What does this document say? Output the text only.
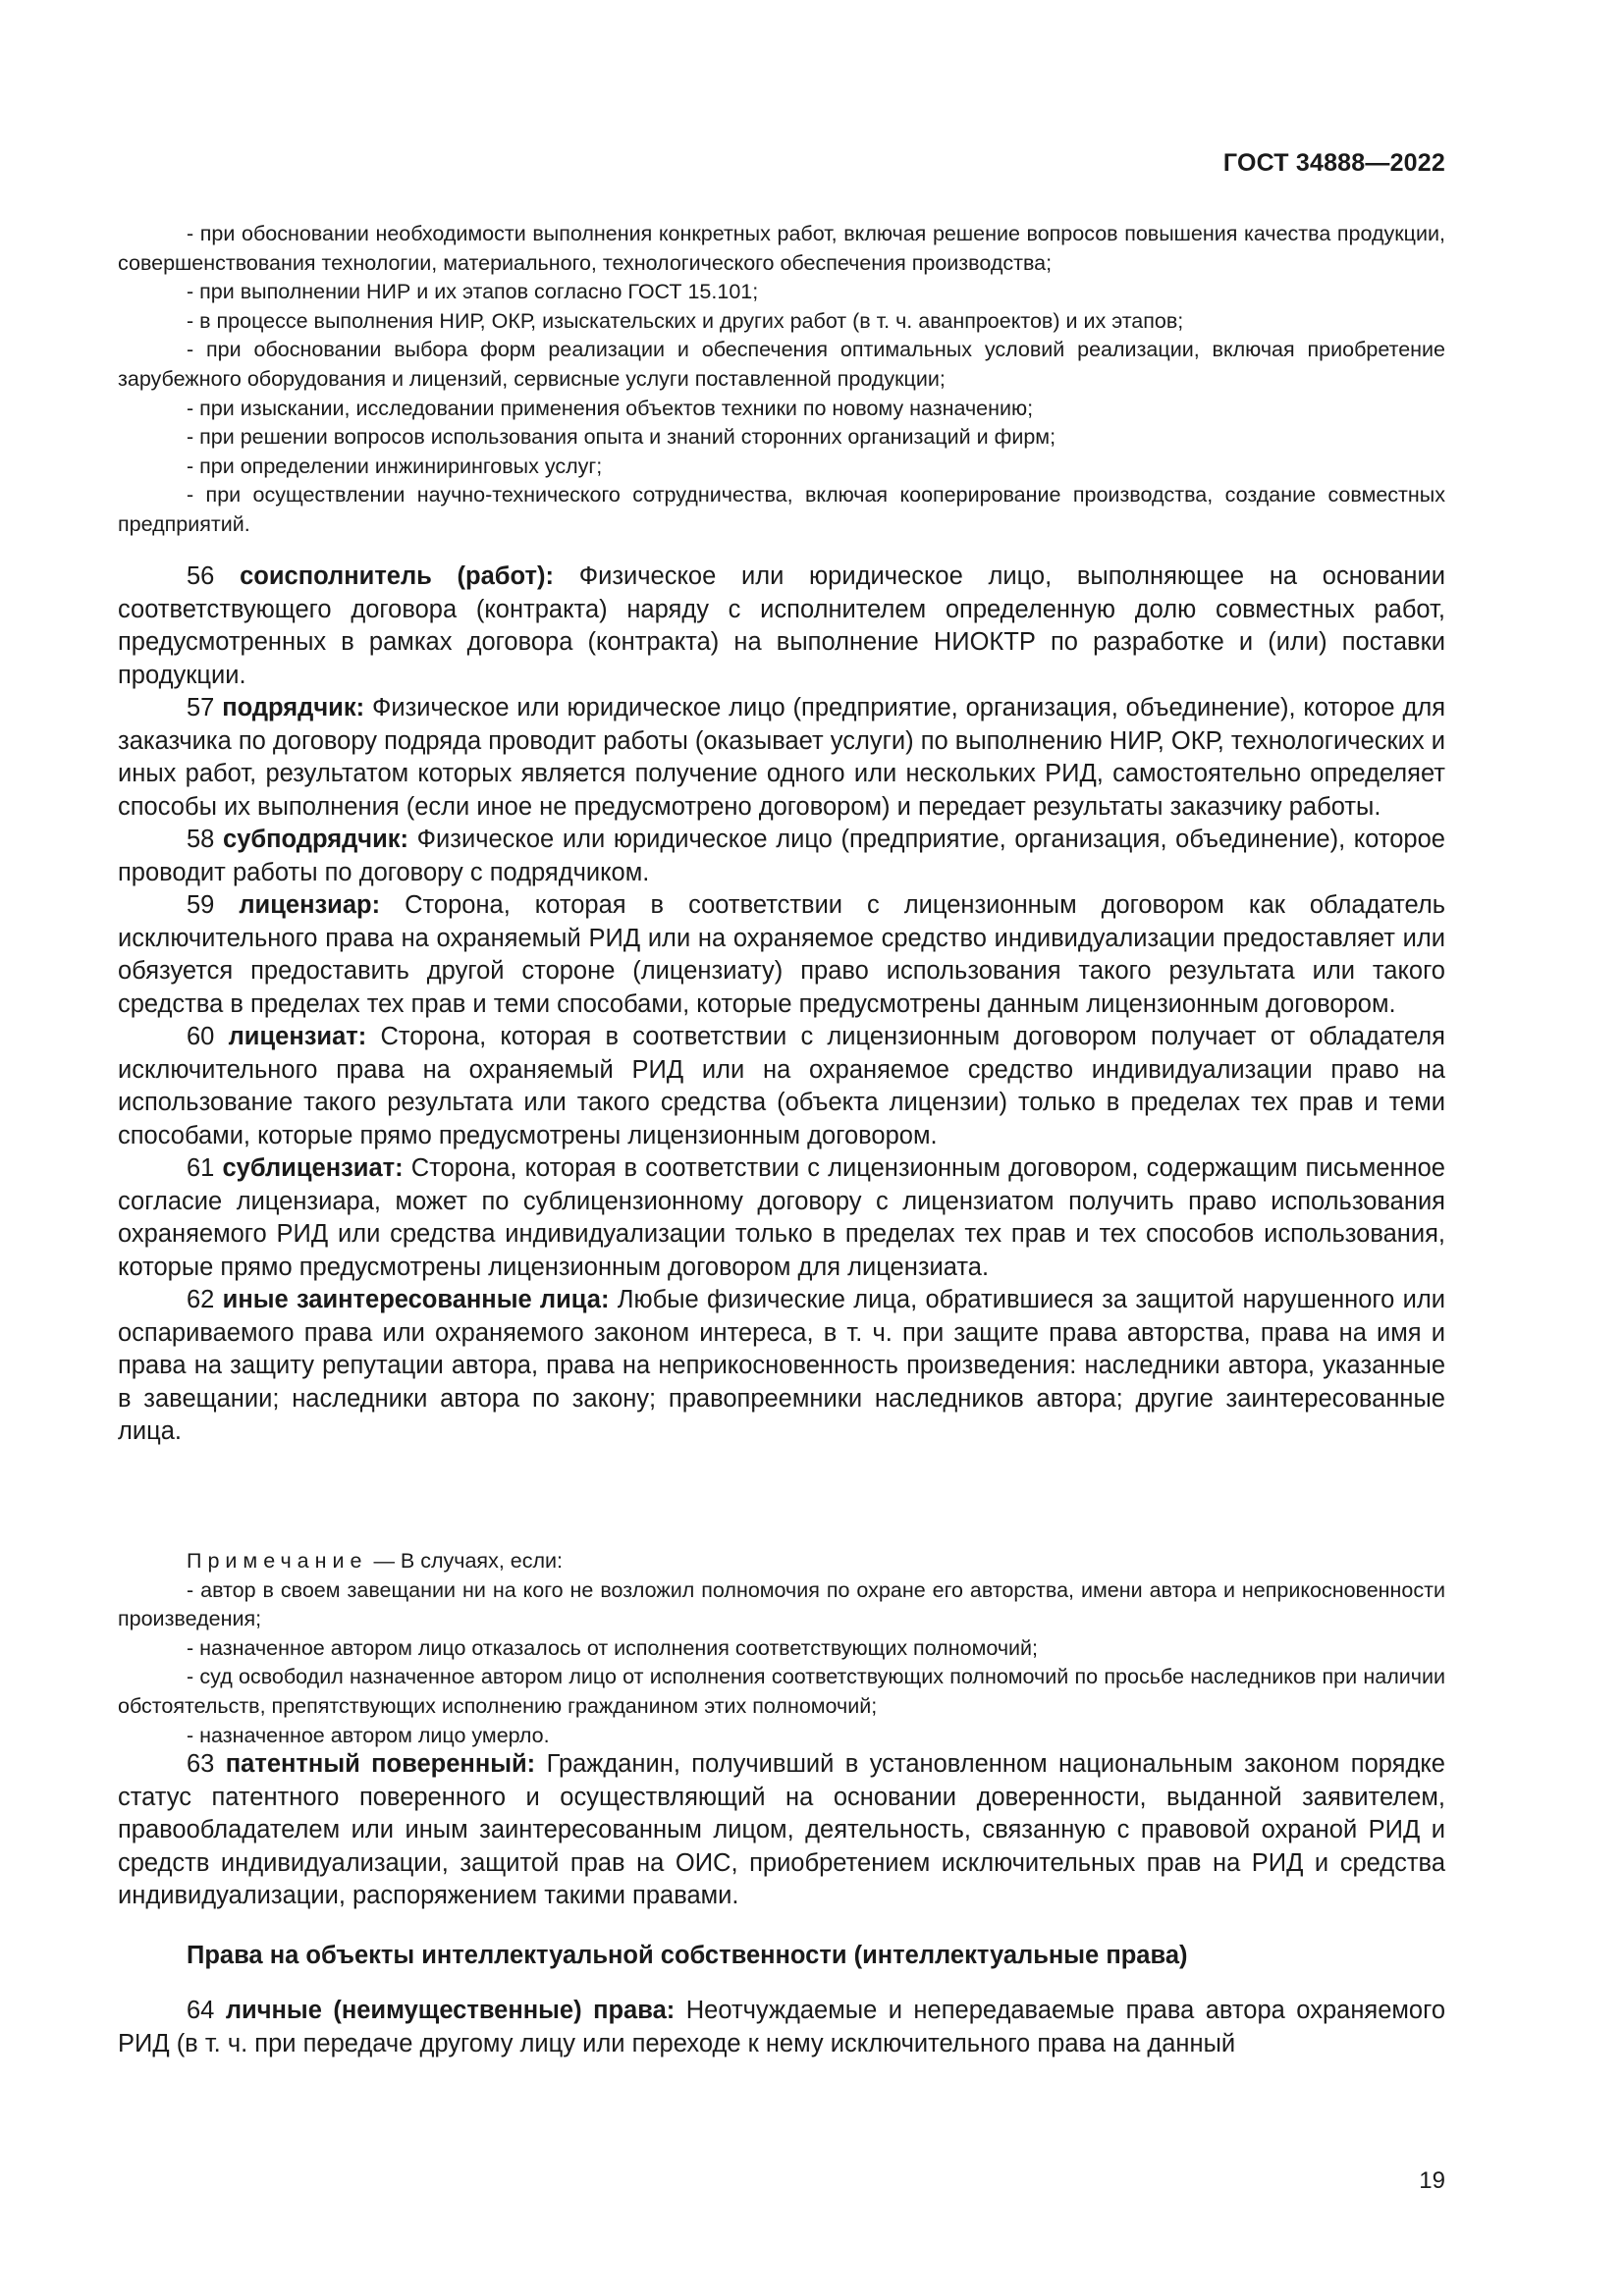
ГОСТ 34888—2022

- при обосновании необходимости выполнения конкретных работ, включая решение вопросов повышения качества продукции, совершенствования технологии, материального, технологического обеспечения производства;

- при выполнении НИР и их этапов согласно ГОСТ 15.101;

- в процессе выполнения НИР, ОКР, изыскательских и других работ (в т. ч. аванпроектов) и их этапов;

- при обосновании выбора форм реализации и обеспечения оптимальных условий реализации, включая приобретение зарубежного оборудования и лицензий, сервисные услуги поставленной продукции;

- при изыскании, исследовании применения объектов техники по новому назначению;

- при решении вопросов использования опыта и знаний сторонних организаций и фирм;

- при определении инжиниринговых услуг;

- при осуществлении научно-технического сотрудничества, включая кооперирование производства, создание совместных предприятий.

56 соисполнитель (работ): Физическое или юридическое лицо, выполняющее на основании соответствующего договора (контракта) наряду с исполнителем определенную долю совместных работ, предусмотренных в рамках договора (контракта) на выполнение НИОКТР по разработке и (или) поставки продукции.

57 подрядчик: Физическое или юридическое лицо (предприятие, организация, объединение), которое для заказчика по договору подряда проводит работы (оказывает услуги) по выполнению НИР, ОКР, технологических и иных работ, результатом которых является получение одного или нескольких РИД, самостоятельно определяет способы их выполнения (если иное не предусмотрено договором) и передает результаты заказчику работы.

58 субподрядчик: Физическое или юридическое лицо (предприятие, организация, объединение), которое проводит работы по договору с подрядчиком.

59 лицензиар: Сторона, которая в соответствии с лицензионным договором как обладатель исключительного права на охраняемый РИД или на охраняемое средство индивидуализации предоставляет или обязуется предоставить другой стороне (лицензиату) право использования такого результата или такого средства в пределах тех прав и теми способами, которые предусмотрены данным лицензионным договором.

60 лицензиат: Сторона, которая в соответствии с лицензионным договором получает от обладателя исключительного права на охраняемый РИД или на охраняемое средство индивидуализации право на использование такого результата или такого средства (объекта лицензии) только в пределах тех прав и теми способами, которые прямо предусмотрены лицензионным договором.

61 сублицензиат: Сторона, которая в соответствии с лицензионным договором, содержащим письменное согласие лицензиара, может по сублицензионному договору с лицензиатом получить право использования охраняемого РИД или средства индивидуализации только в пределах тех прав и тех способов использования, которые прямо предусмотрены лицензионным договором для лицензиата.

62 иные заинтересованные лица: Любые физические лица, обратившиеся за защитой нарушенного или оспариваемого права или охраняемого законом интереса, в т. ч. при защите права авторства, права на имя и права на защиту репутации автора, права на неприкосновенность произведения: наследники автора, указанные в завещании; наследники автора по закону; правопреемники наследников автора; другие заинтересованные лица.

Примечание — В случаях, если:

- автор в своем завещании ни на кого не возложил полномочия по охране его авторства, имени автора и неприкосновенности произведения;

- назначенное автором лицо отказалось от исполнения соответствующих полномочий;

- суд освободил назначенное автором лицо от исполнения соответствующих полномочий по просьбе наследников при наличии обстоятельств, препятствующих исполнению гражданином этих полномочий;

- назначенное автором лицо умерло.

63 патентный поверенный: Гражданин, получивший в установленном национальным законом порядке статус патентного поверенного и осуществляющий на основании доверенности, выданной заявителем, правообладателем или иным заинтересованным лицом, деятельность, связанную с правовой охраной РИД и средств индивидуализации, защитой прав на ОИС, приобретением исключительных прав на РИД и средства индивидуализации, распоряжением такими правами.

Права на объекты интеллектуальной собственности (интеллектуальные права)

64 личные (неимущественные) права: Неотчуждаемые и непередаваемые права автора охраняемого РИД (в т. ч. при передаче другому лицу или переходе к нему исключительного права на данный

19
